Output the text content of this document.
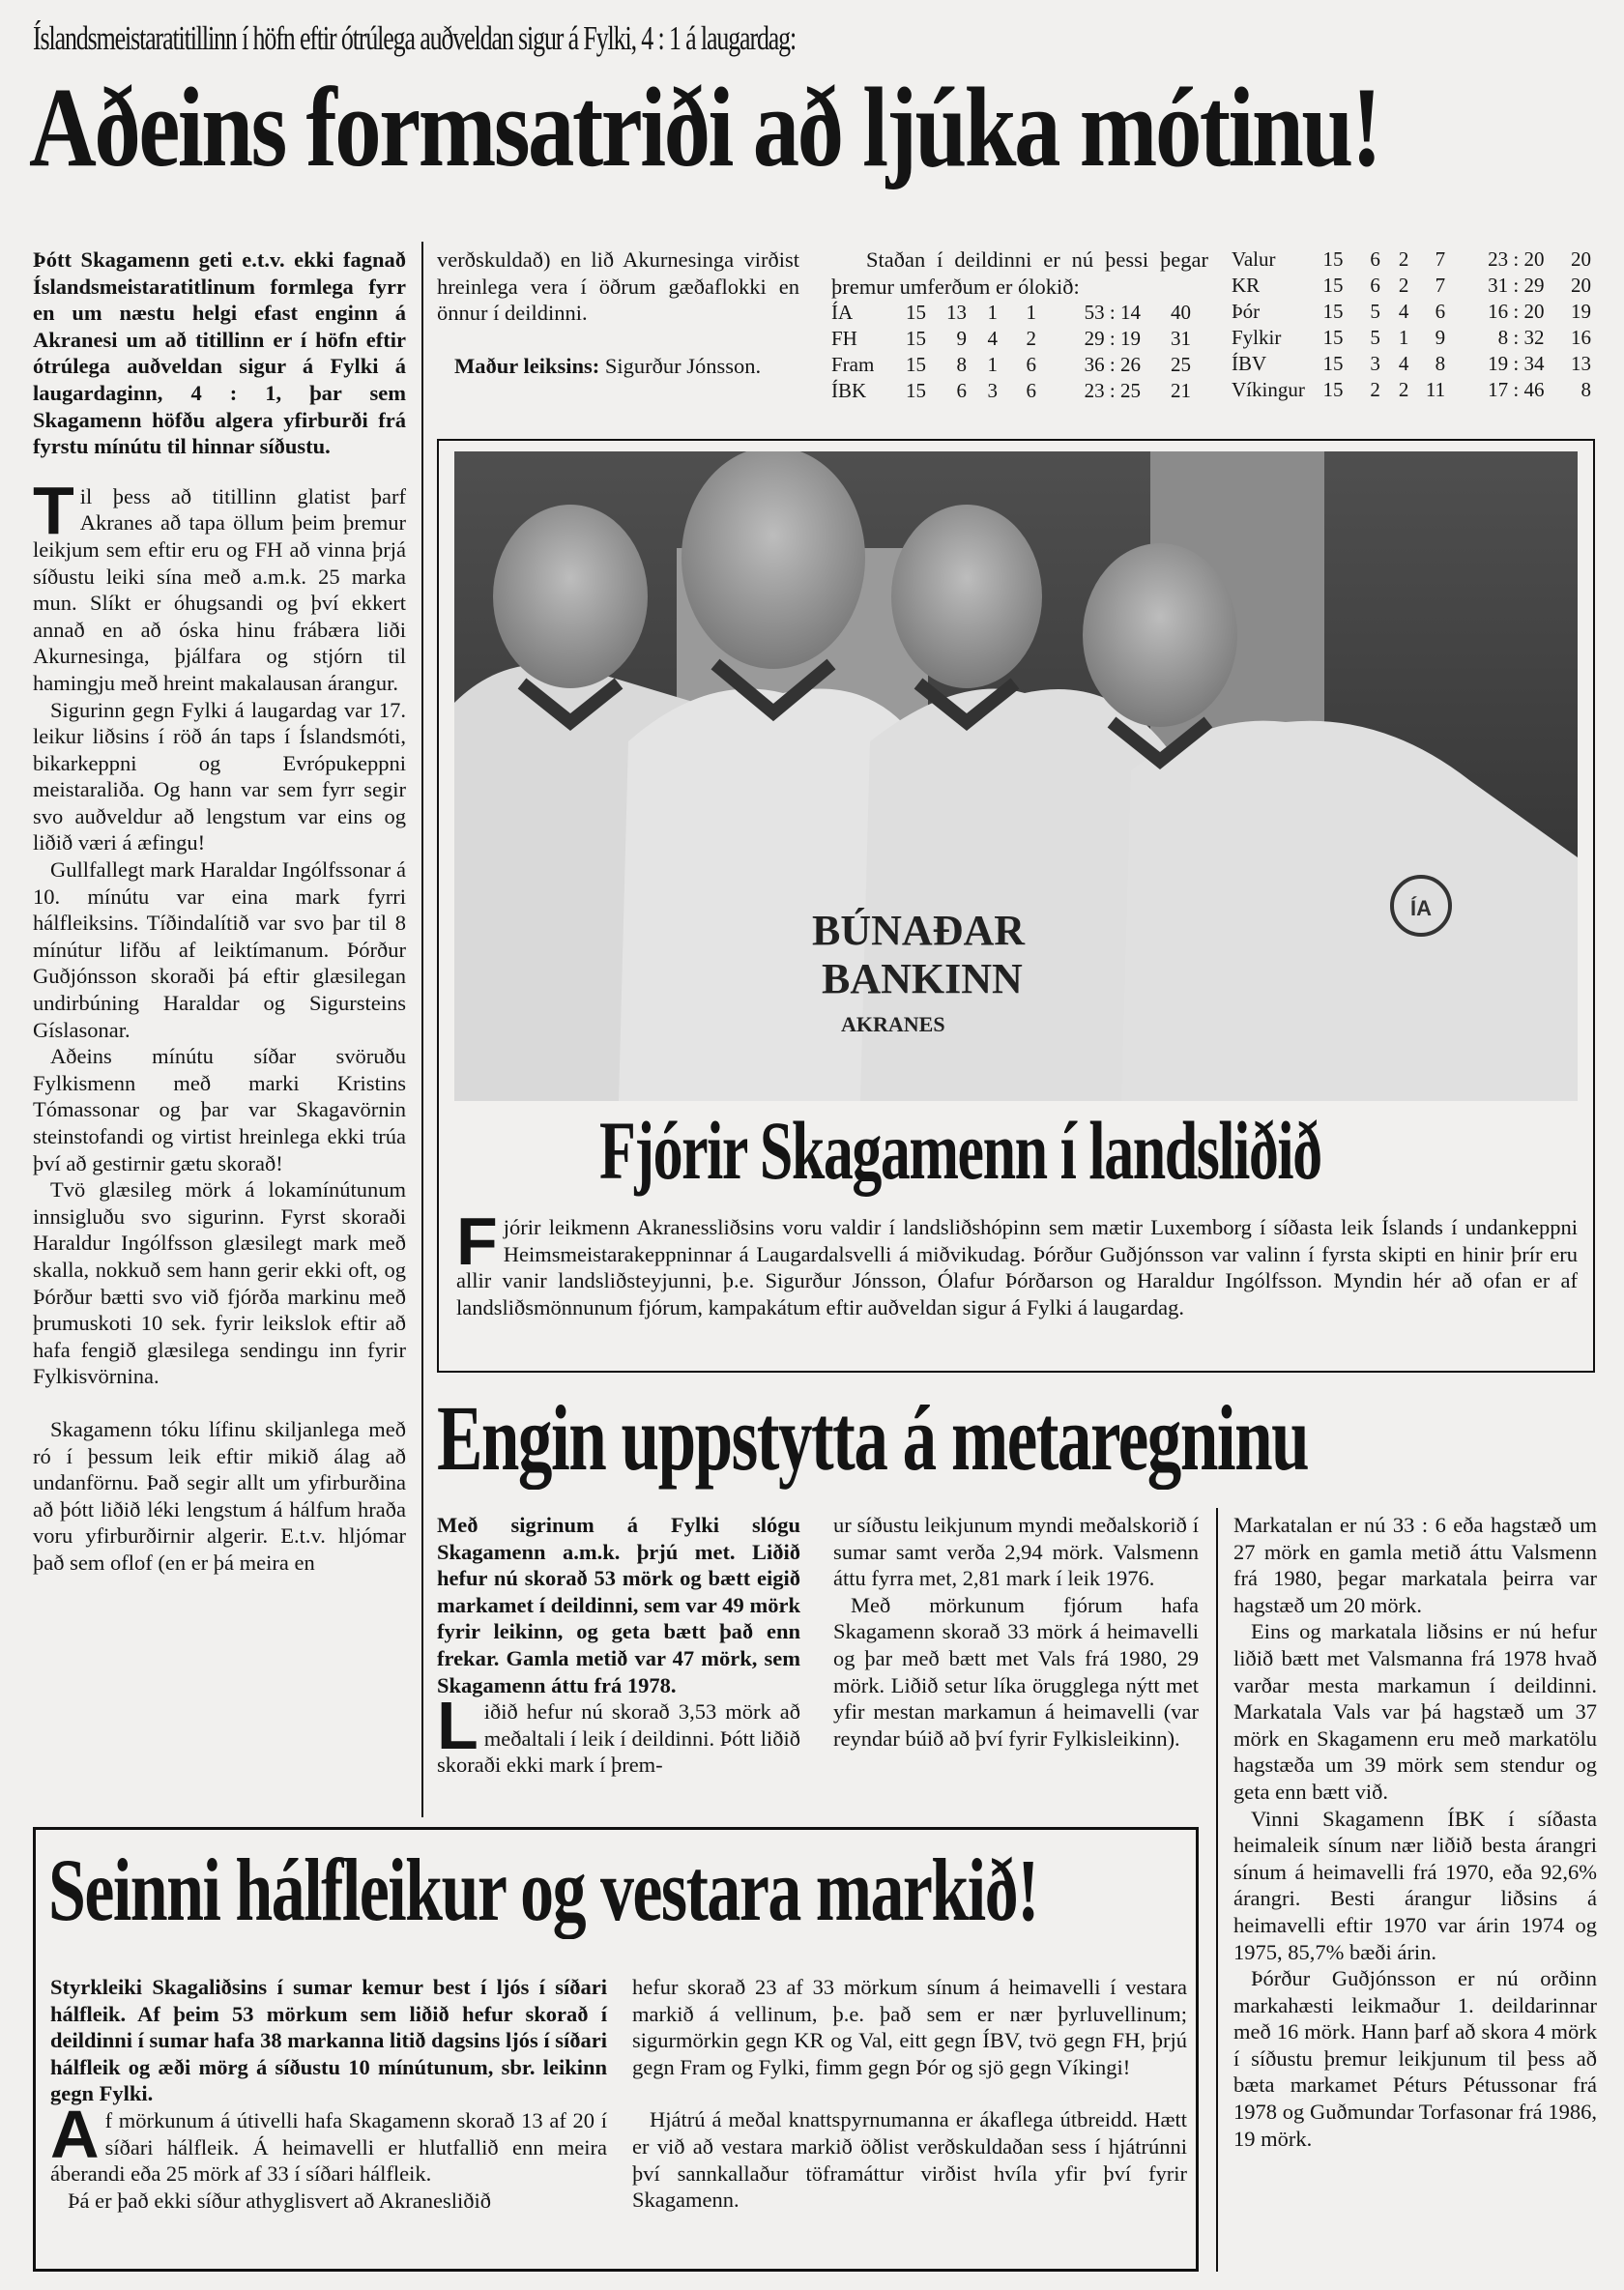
Íslandsmeistaratitillinn í höfn eftir ótrúlega auðveldan sigur á Fylki, 4 : 1 á laugardag:
Aðeins formsatriði að ljúka mótinu!

Þótt Skagamenn geti e.t.v. ekki fagnað Íslandsmeistaratitlinum formlega fyrr en um næstu helgi efast enginn á Akranesi um að titillinn er í höfn eftir ótrúlega auðveldan sigur á Fylki á laugardaginn, 4 : 1, þar sem Skagamenn höfðu algera yfirburði frá fyrstu mínútu til hinnar síðustu.

Til þess að titillinn glatist þarf Akranes að tapa öllum þeim þremur leikjum sem eftir eru og FH að vinna þrjá síðustu leiki sína með a.m.k. 25 marka mun. Slíkt er óhugsandi og því ekkert annað en að óska hinu frábæra liði Akurnesinga, þjálfara og stjórn til hamingju með hreint makalausan árangur.

Sigurinn gegn Fylki á laugardag var 17. leikur liðsins í röð án taps í Íslandsmóti, bikarkeppni og Evrópukeppni meistaraliða. Og hann var sem fyrr segir svo auðveldur að lengstum var eins og liðið væri á æfingu!

Gullfallegt mark Haraldar Ingólfssonar á 10. mínútu var eina mark fyrri hálfleiksins. Tíðindalítið var svo þar til 8 mínútur lifðu af leiktímanum. Þórður Guðjónsson skoraði þá eftir glæsilegan undirbúning Haraldar og Sigursteins Gíslasonar.

Aðeins mínútu síðar svöruðu Fylkismenn með marki Kristins Tómassonar og þar var Skagavörnin steinstofandi og virtist hreinlega ekki trúa því að gestirnir gætu skorað!

Tvö glæsileg mörk á lokamínútunum innsigluðu svo sigurinn. Fyrst skoraði Haraldur Ingólfsson glæsilegt mark með skalla, nokkuð sem hann gerir ekki oft, og Þórður bætti svo við fjórða markinu með þrumuskoti 10 sek. fyrir leikslok eftir að hafa fengið glæsilega sendingu inn fyrir Fylkisvörnina.

Skagamenn tóku lífinu skiljanlega með ró í þessum leik eftir mikið álag að undanförnu. Það segir allt um yfirburðina að þótt liðið léki lengstum á hálfum hraða voru yfirburðirnir algerir. E.t.v. hljómar það sem oflof (en er þá meira en

verðskuldað) en lið Akurnesinga virðist hreinlega vera í öðrum gæðaflokki en önnur í deildinni.

Maður leiksins: Sigurður Jónsson.

Staðan í deildinni er nú þessi þegar þremur umferðum er ólokið:
ÍA	15	13	1	1	53 : 14	40
FH	15	9	4	2	29 : 19	31
Fram	15	8	1	6	36 : 26	25
ÍBK	15	6	3	6	23 : 25	21
Valur	15	6	2	7	23 : 20	20
KR	15	6	2	7	31 : 29	20
Þór	15	5	4	6	16 : 20	19
Fylkir	15	5	1	9	8 : 32	16
ÍBV	15	3	4	8	19 : 34	13
Víkingur	15	2	2	11	17 : 46	8
BÚNAÐAR
BANKINN
AKRANES
ÍA
Fjórir Skagamenn í landsliðið
Fjórir leikmenn Akranessliðsins voru valdir í landsliðshópinn sem mætir Luxemborg í síðasta leik Íslands í undankeppni Heimsmeistarakeppninnar á Laugardalsvelli á miðvikudag. Þórður Guðjónsson var valinn í fyrsta skipti en hinir þrír eru allir vanir landsliðsteyjunni, þ.e. Sigurður Jónsson, Ólafur Þórðarson og Haraldur Ingólfsson. Myndin hér að ofan er af landsliðsmönnunum fjórum, kampakátum eftir auðveldan sigur á Fylki á laugardag.
Engin uppstytta á metaregninu

Með sigrinum á Fylki slógu Skagamenn a.m.k. þrjú met. Liðið hefur nú skorað 53 mörk og bætt eigið markamet í deildinni, sem var 49 mörk fyrir leikinn, og geta bætt það enn frekar. Gamla metið var 47 mörk, sem Skagamenn áttu frá 1978.

Liðið hefur nú skorað 3,53 mörk að meðaltali í leik í deildinni. Þótt liðið skoraði ekki mark í þrem-

ur síðustu leikjunum myndi meðalskorið í sumar samt verða 2,94 mörk. Valsmenn áttu fyrra met, 2,81 mark í leik 1976.

Með mörkunum fjórum hafa Skagamenn skorað 33 mörk á heimavelli og þar með bætt met Vals frá 1980, 29 mörk. Liðið setur líka örugglega nýtt met yfir mestan markamun á heimavelli (var reyndar búið að því fyrir Fylkisleikinn).

Markatalan er nú 33 : 6 eða hagstæð um 27 mörk en gamla metið áttu Valsmenn frá 1980, þegar markatala þeirra var hagstæð um 20 mörk.

Eins og markatala liðsins er nú hefur liðið bætt met Valsmanna frá 1978 hvað varðar mesta markamun í deildinni. Markatala Vals var þá hagstæð um 37 mörk en Skagamenn eru með markatölu hagstæða um 39 mörk sem stendur og geta enn bætt við.

Vinni Skagamenn ÍBK í síðasta heimaleik sínum nær liðið besta árangri sínum á heimavelli frá 1970, eða 92,6% árangri. Besti árangur liðsins á heimavelli eftir 1970 var árin 1974 og 1975, 85,7% bæði árin.

Þórður Guðjónsson er nú orðinn markahæsti leikmaður 1. deildarinnar með 16 mörk. Hann þarf að skora 4 mörk í síðustu þremur leikjunum til þess að bæta markamet Péturs Pétussonar frá 1978 og Guðmundar Torfasonar frá 1986, 19 mörk.

Seinni hálfleikur og vestara markið!

Styrkleiki Skagaliðsins í sumar kemur best í ljós í síðari hálfleik. Af þeim 53 mörkum sem liðið hefur skorað í deildinni í sumar hafa 38 markanna litið dagsins ljós í síðari hálfleik og æði mörg á síðustu 10 mínútunum, sbr. leikinn gegn Fylki.

Af mörkunum á útivelli hafa Skagamenn skorað 13 af 20 í síðari hálfleik. Á heimavelli er hlutfallið enn meira áberandi eða 25 mörk af 33 í síðari hálfleik.

Þá er það ekki síður athyglisvert að Akranesliðið

hefur skorað 23 af 33 mörkum sínum á heimavelli í vestara markið á vellinum, þ.e. það sem er nær þyrluvellinum; sigurmörkin gegn KR og Val, eitt gegn ÍBV, tvö gegn FH, þrjú gegn Fram og Fylki, fimm gegn Þór og sjö gegn Víkingi!

Hjátrú á meðal knattspyrnumanna er ákaflega útbreidd. Hætt er við að vestara markið öðlist verðskuldaðan sess í hjátrúnni því sannkallaður töframáttur virðist hvíla yfir því fyrir Skagamenn.
